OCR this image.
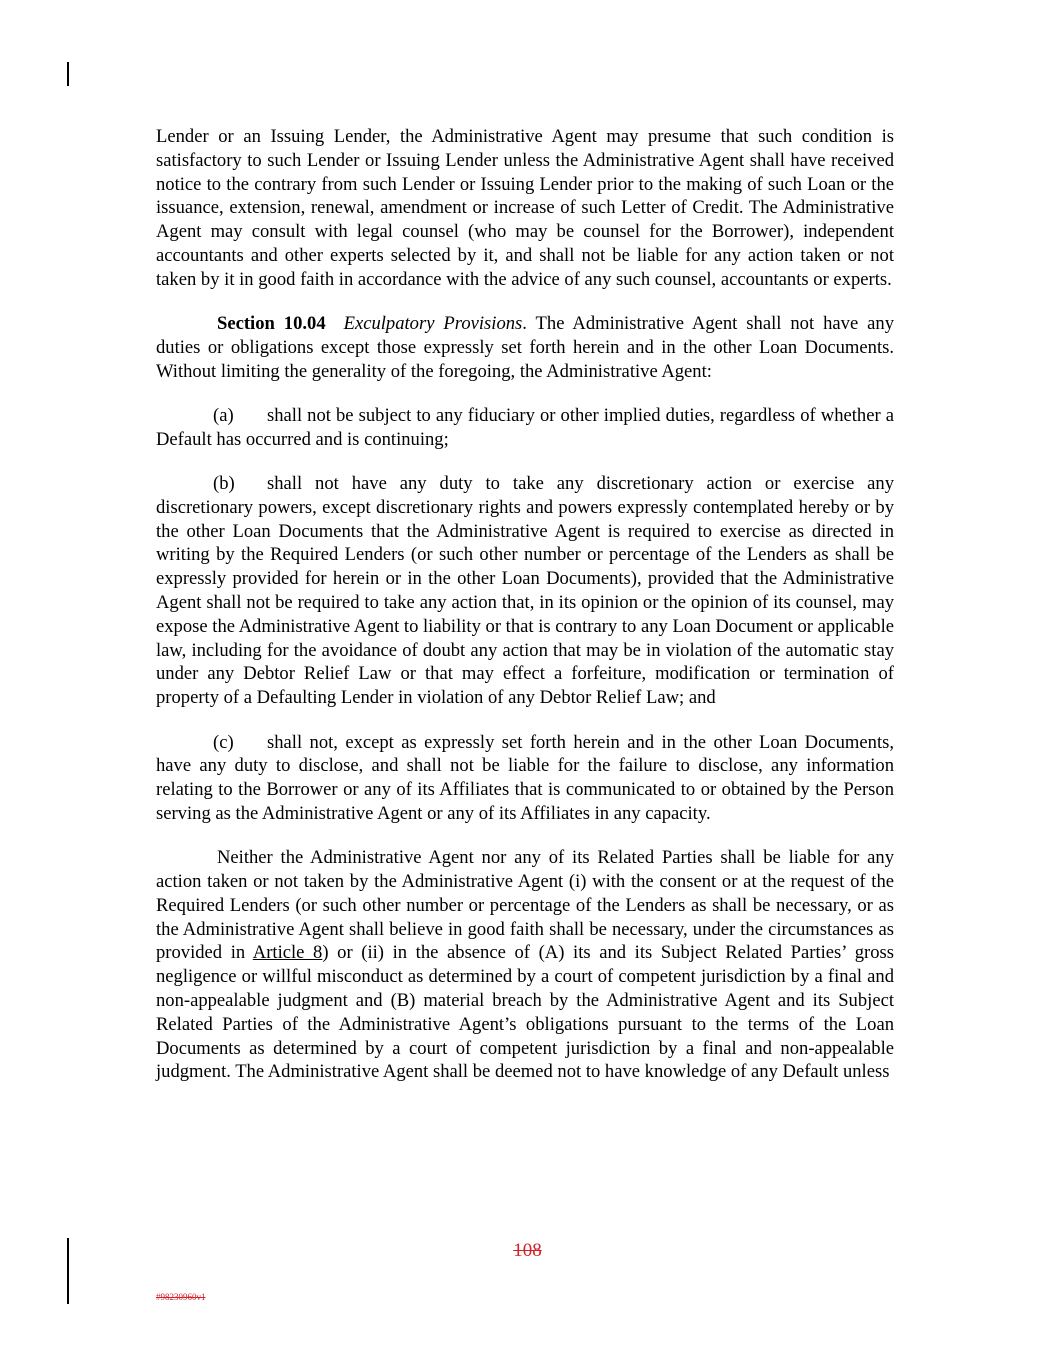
Lender or an Issuing Lender, the Administrative Agent may presume that such condition is satisfactory to such Lender or Issuing Lender unless the Administrative Agent shall have received notice to the contrary from such Lender or Issuing Lender prior to the making of such Loan or the issuance, extension, renewal, amendment or increase of such Letter of Credit. The Administrative Agent may consult with legal counsel (who may be counsel for the Borrower), independent accountants and other experts selected by it, and shall not be liable for any action taken or not taken by it in good faith in accordance with the advice of any such counsel, accountants or experts.

Section 10.04 Exculpatory Provisions. The Administrative Agent shall not have any duties or obligations except those expressly set forth herein and in the other Loan Documents. Without limiting the generality of the foregoing, the Administrative Agent:

(a) shall not be subject to any fiduciary or other implied duties, regardless of whether a Default has occurred and is continuing;

(b) shall not have any duty to take any discretionary action or exercise any discretionary powers, except discretionary rights and powers expressly contemplated hereby or by the other Loan Documents that the Administrative Agent is required to exercise as directed in writing by the Required Lenders (or such other number or percentage of the Lenders as shall be expressly provided for herein or in the other Loan Documents), provided that the Administrative Agent shall not be required to take any action that, in its opinion or the opinion of its counsel, may expose the Administrative Agent to liability or that is contrary to any Loan Document or applicable law, including for the avoidance of doubt any action that may be in violation of the automatic stay under any Debtor Relief Law or that may effect a forfeiture, modification or termination of property of a Defaulting Lender in violation of any Debtor Relief Law; and

(c) shall not, except as expressly set forth herein and in the other Loan Documents, have any duty to disclose, and shall not be liable for the failure to disclose, any information relating to the Borrower or any of its Affiliates that is communicated to or obtained by the Person serving as the Administrative Agent or any of its Affiliates in any capacity.

Neither the Administrative Agent nor any of its Related Parties shall be liable for any action taken or not taken by the Administrative Agent (i) with the consent or at the request of the Required Lenders (or such other number or percentage of the Lenders as shall be necessary, or as the Administrative Agent shall believe in good faith shall be necessary, under the circumstances as provided in Article 8) or (ii) in the absence of (A) its and its Subject Related Parties’ gross negligence or willful misconduct as determined by a court of competent jurisdiction by a final and non-appealable judgment and (B) material breach by the Administrative Agent and its Subject Related Parties of the Administrative Agent’s obligations pursuant to the terms of the Loan Documents as determined by a court of competent jurisdiction by a final and non-appealable judgment. The Administrative Agent shall be deemed not to have knowledge of any Default unless

108
#98230960v1
